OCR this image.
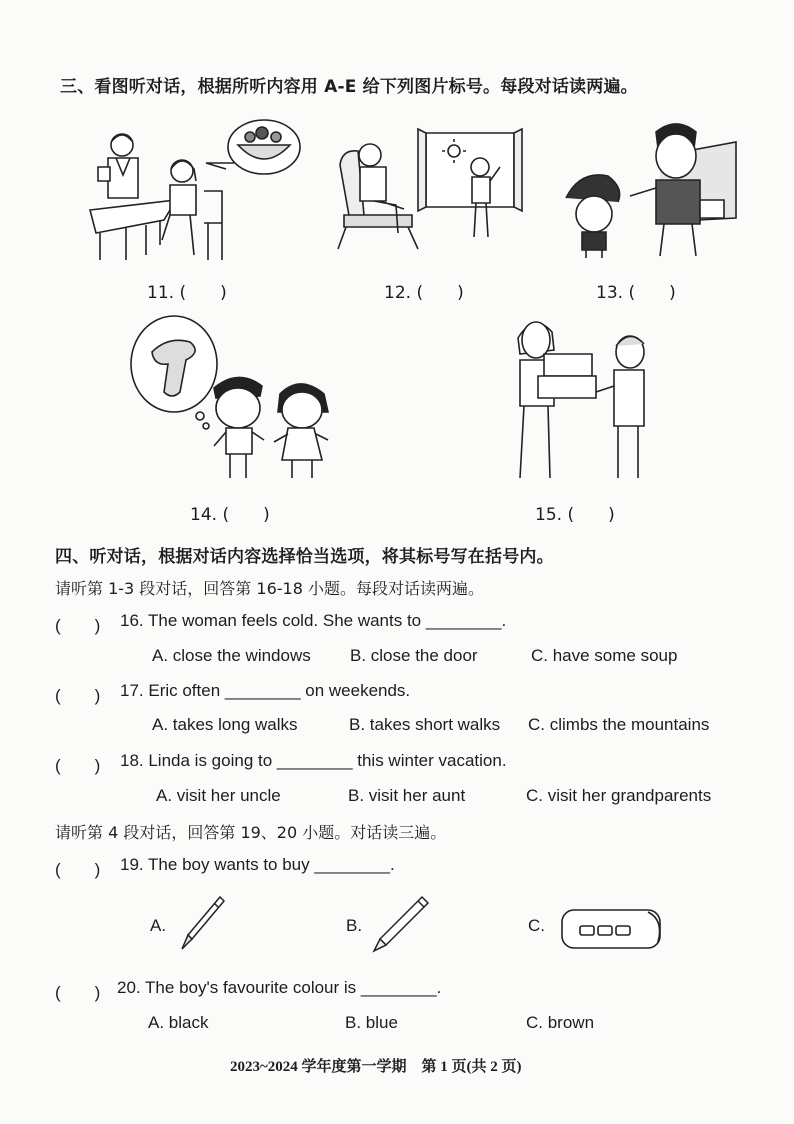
三、看图听对话，根据所听内容用 A-E 给下列图片标号。每段对话读两遍。
11. (　　)	12. (　　)	13. (　　)
14. (　　)	15. (　　)
四、听对话，根据对话内容选择恰当选项，将其标号写在括号内。
请听第 1-3 段对话，回答第 16-18 小题。每段对话读两遍。
(　　) 16. The woman feels cold. She wants to ________.
A. close the windows B. close the door	C. have some soup
(　　) 17. Eric often ________ on weekends.
A. takes long walks	B. takes short walks C. climbs the mountains
(　　) 18. Linda is going to ________ this winter vacation.
A. visit her uncle	B. visit her aunt	C. visit her grandparents
请听第 4 段对话，回答第 19、20 小题。对话读三遍。
(　　) 19. The boy wants to buy ________.
A.	B.	C.
(　　) 20. The boy's favourite colour is ________.
A. black	B. blue	C. brown
2023~2024 学年度第一学期　第 1 页(共 2 页)
